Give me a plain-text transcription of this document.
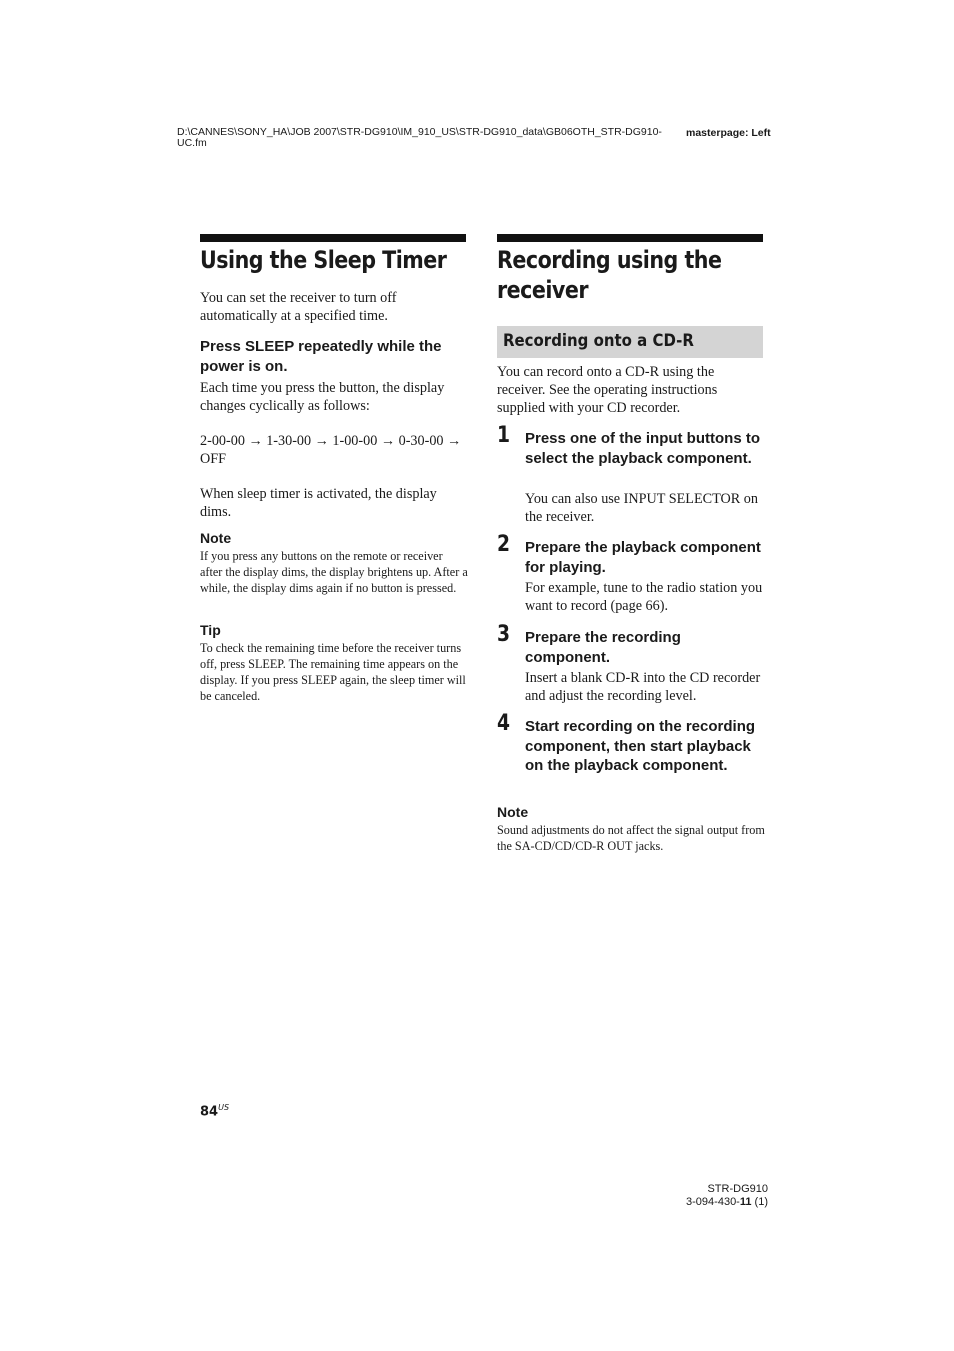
D:\CANNES\SONY_HA\JOB 2007\STR-DG910\IM_910_US\STR-DG910_data\GB06OTH_STR-DG910-UC.fm
masterpage: Left
Using the Sleep Timer
You can set the receiver to turn off automatically at a specified time.
Press SLEEP repeatedly while the power is on.
Each time you press the button, the display changes cyclically as follows:
2-00-00 → 1-30-00 → 1-00-00 → 0-30-00 → OFF
When sleep timer is activated, the display dims.
Note
If you press any buttons on the remote or receiver after the display dims, the display brightens up. After a while, the display dims again if no button is pressed.
Tip
To check the remaining time before the receiver turns off, press SLEEP. The remaining time appears on the display. If you press SLEEP again, the sleep timer will be canceled.
Recording using the
receiver
Recording onto a CD-R
You can record onto a CD-R using the receiver. See the operating instructions supplied with your CD recorder.
1 Press one of the input buttons to select the playback component.
You can also use INPUT SELECTOR on the receiver.
2 Prepare the playback component for playing.
For example, tune to the radio station you want to record (page 66).
3 Prepare the recording component.
Insert a blank CD-R into the CD recorder and adjust the recording level.
4 Start recording on the recording component, then start playback on the playback component.
Note
Sound adjustments do not affect the signal output from the SA-CD/CD/CD-R OUT jacks.
$84^{US}$
STR-DG910
3-094-430-11 (1)
